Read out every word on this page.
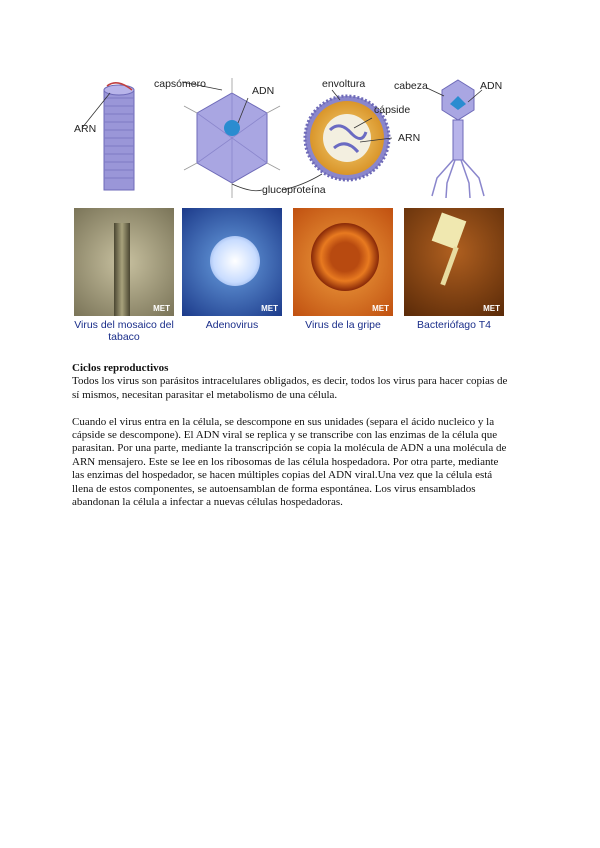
capsómero
ARN
ADN
envoltura
cápside
ARN
cabeza	ADN
glucoproteína
MET	MET	MET	MET
Virus del mosaico del tabaco
Adenovirus	Virus de la gripe	Bacteriófago T4
Ciclos reproductivos

Todos los virus son parásitos intracelulares obligados, es decir, todos los virus para hacer copias de sí mismos, necesitan parasitar el metabolismo de una célula.

Cuando el virus entra en la célula, se descompone en sus unidades (separa el ácido nucleico y la cápside se descompone). El ADN viral se replica y se transcribe con las enzimas de la célula que parasitan. Por una parte, mediante la transcripción se copia la molécula de ADN a una molécula de ARN mensajero. Este se lee en los ribosomas de las célula hospedadora. Por otra parte, mediante las enzimas del hospedador, se hacen múltiples copias del ADN viral.Una vez que la célula está llena de estos componentes, se autoensamblan de forma espontánea. Los virus ensamblados abandonan la célula a infectar a nuevas células hospedadoras.
